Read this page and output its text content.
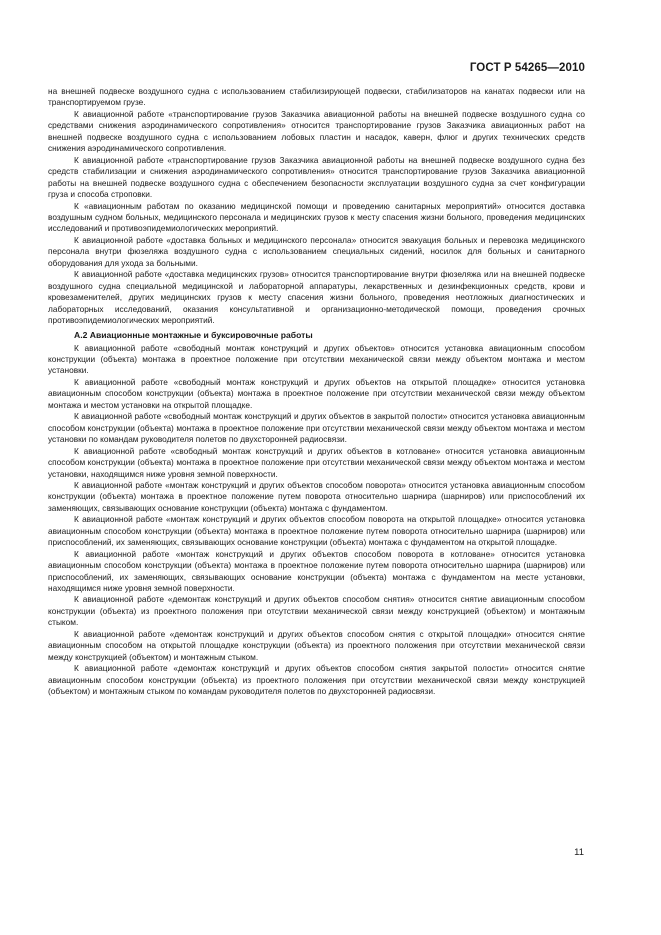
ГОСТ Р 54265—2010

на внешней подвеске воздушного судна с использованием стабилизирующей подвески, стабилизаторов на канатах подвески или на транспортируемом грузе.

К авиационной работе «транспортирование грузов Заказчика авиационной работы на внешней подвеске воздушного судна со средствами снижения аэродинамического сопротивления» относится транспортирование грузов Заказчика авиационных работ на внешней подвеске воздушного судна с использованием лобовых пластин и насадок, каверн, флюг и других технических средств снижения аэродинамического сопротивления.

К авиационной работе «транспортирование грузов Заказчика авиационной работы на внешней подвеске воздушного судна без средств стабилизации и снижения аэродинамического сопротивления» относится транспортирование грузов Заказчика авиационной работы на внешней подвеске воздушного судна с обеспечением безопасности эксплуатации воздушного судна за счет конфигурации груза и способа строповки.

К «авиационным работам по оказанию медицинской помощи и проведению санитарных мероприятий» относится доставка воздушным судном больных, медицинского персонала и медицинских грузов к месту спасения жизни больного, проведения медицинских исследований и противоэпидемиологических мероприятий.

К авиационной работе «доставка больных и медицинского персонала» относится эвакуация больных и перевозка медицинского персонала внутри фюзеляжа воздушного судна с использованием специальных сидений, носилок для больных и санитарного оборудования для ухода за больными.

К авиационной работе «доставка медицинских грузов» относится транспортирование внутри фюзеляжа или на внешней подвеске воздушного судна специальной медицинской и лабораторной аппаратуры, лекарственных и дезинфекционных средств, крови и кровезаменителей, других медицинских грузов к месту спасения жизни больного, проведения неотложных диагностических и лабораторных исследований, оказания консультативной и организационно-методической помощи, проведения срочных противоэпидемиологических мероприятий.

А.2 Авиационные монтажные и буксировочные работы

К авиационной работе «свободный монтаж конструкций и других объектов» относится установка авиационным способом конструкции (объекта) монтажа в проектное положение при отсутствии механической связи между объектом монтажа и местом установки.

К авиационной работе «свободный монтаж конструкций и других объектов на открытой площадке» относится установка авиационным способом конструкции (объекта) монтажа в проектное положение при отсутствии механической связи между объектом монтажа и местом установки на открытой площадке.

К авиационной работе «свободный монтаж конструкций и других объектов в закрытой полости» относится установка авиационным способом конструкции (объекта) монтажа в проектное положение при отсутствии механической связи между объектом монтажа и местом установки по командам руководителя полетов по двухсторонней радиосвязи.

К авиационной работе «свободный монтаж конструкций и других объектов в котловане» относится установка авиационным способом конструкции (объекта) монтажа в проектное положение при отсутствии механической связи между объектом монтажа и местом установки, находящимся ниже уровня земной поверхности.

К авиационной работе «монтаж конструкций и других объектов способом поворота» относится установка авиационным способом конструкции (объекта) монтажа в проектное положение путем поворота относительно шарнира (шарниров) или приспособлений их заменяющих, связывающих основание конструкции (объекта) монтажа с фундаментом.

К авиационной работе «монтаж конструкций и других объектов способом поворота на открытой площадке» относится установка авиационным способом конструкции (объекта) монтажа в проектное положение путем поворота относительно шарнира (шарниров) или приспособлений, их заменяющих, связывающих основание конструкции (объекта) монтажа с фундаментом на открытой площадке.

К авиационной работе «монтаж конструкций и других объектов способом поворота в котловане» относится установка авиационным способом конструкции (объекта) монтажа в проектное положение путем поворота относительно шарнира (шарниров) или приспособлений, их заменяющих, связывающих основание конструкции (объекта) монтажа с фундаментом на месте установки, находящимся ниже уровня земной поверхности.

К авиационной работе «демонтаж конструкций и других объектов способом снятия» относится снятие авиационным способом конструкции (объекта) из проектного положения при отсутствии механической связи между конструкцией (объектом) и монтажным стыком.

К авиационной работе «демонтаж конструкций и других объектов способом снятия с открытой площадки» относится снятие авиационным способом на открытой площадке конструкции (объекта) из проектного положения при отсутствии механической связи между конструкцией (объектом) и монтажным стыком.

К авиационной работе «демонтаж конструкций и других объектов способом снятия закрытой полости» относится снятие авиационным способом конструкции (объекта) из проектного положения при отсутствии механической связи между конструкцией (объектом) и монтажным стыком по командам руководителя полетов по двухсторонней радиосвязи.

11
